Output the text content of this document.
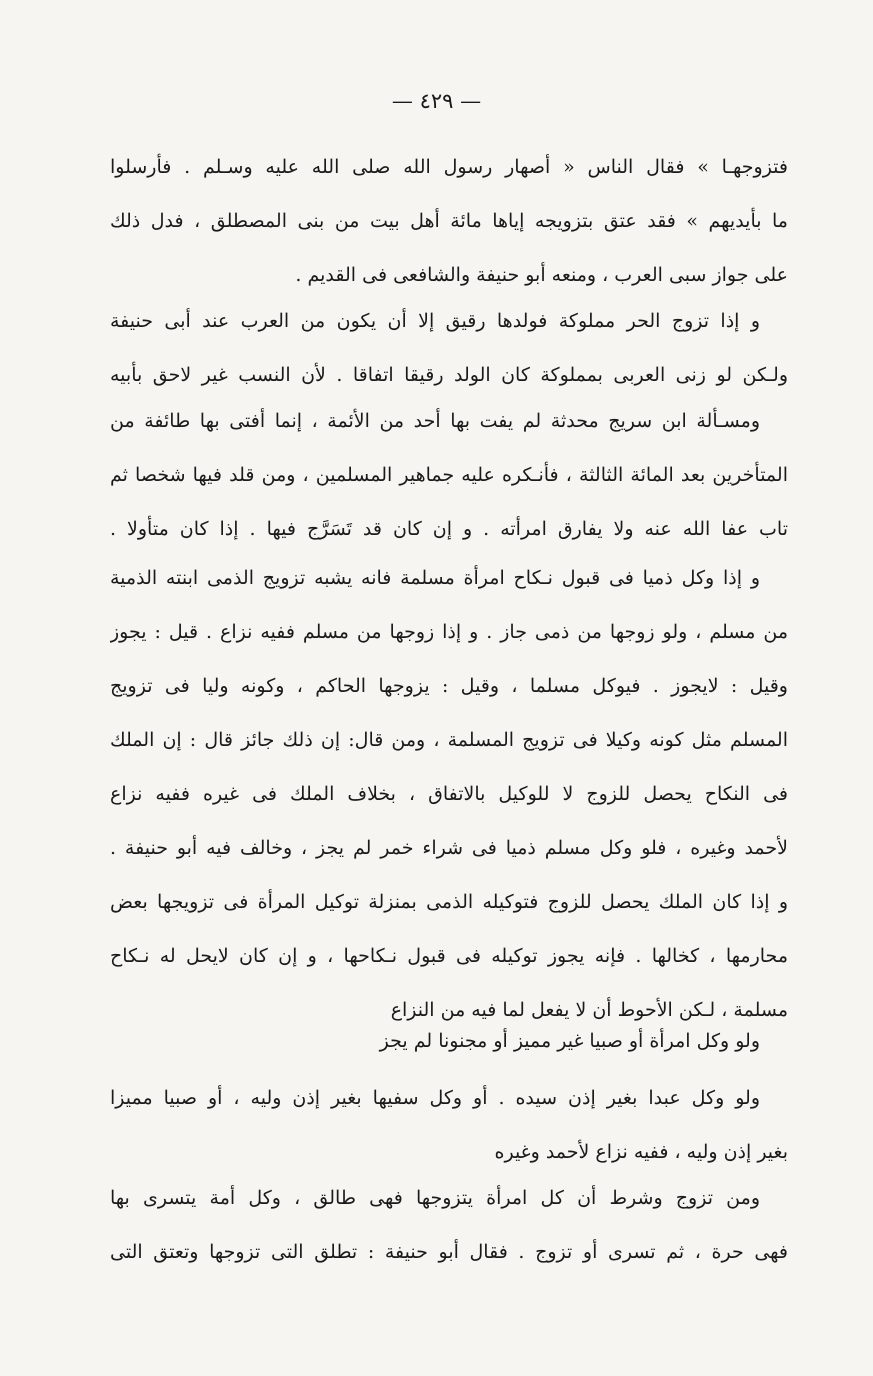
— ٤٢٩ —
فتزوجهـا » فقال الناس « أصهار رسول الله صلى الله عليه وسـلم . فأرسلوا
ما بأيديهم » فقد عتق بتزويجه إياها مائة أهل بيت من بنى المصطلق ، فدل ذلك
على جواز سبى العرب ، ومنعه أبو حنيفة والشافعى فى القديم .
و إذا تزوج الحر مملوكة فولدها رقيق إلا أن يكون من العرب عند أبى حنيفة
ولـكن لو زنى العربى بمملوكة كان الولد رقيقا اتفاقا . لأن النسب غير لاحق بأبيه
ومسـألة ابن سريج محدثة لم يفت بها أحد من الأئمة ، إنما أفتى بها طائفة من
المتأخرين بعد المائة الثالثة ، فأنـكره عليه جماهير المسلمين ، ومن قلد فيها شخصا ثم
تاب عفا الله عنه ولا يفارق امرأته . و إن كان قد تَسَرَّج فيها . إذا كان متأولا .
و إذا وكل ذميا فى قبول نـكاح امرأة مسلمة فانه يشبه تزويج الذمى ابنته الذمية
من مسلم ، ولو زوجها من ذمى جاز . و إذا زوجها من مسلم ففيه نزاع . قيل : يجوز
وقيل : لايجوز . فيوكل مسلما ، وقيل : يزوجها الحاكم ، وكونه وليا فى تزويج
المسلم مثل كونه وكيلا فى تزويج المسلمة ، ومن قال: إن ذلك جائز قال : إن الملك
فى النكاح يحصل للزوج لا للوكيل بالاتفاق ، بخلاف الملك فى غيره ففيه نزاع
لأحمد وغيره ، فلو وكل مسلم ذميا فى شراء خمر لم يجز ، وخالف فيه أبو حنيفة .
و إذا كان الملك يحصل للزوج فتوكيله الذمى بمنزلة توكيل المرأة فى تزويجها بعض
محارمها ، كخالها . فإنه يجوز توكيله فى قبول نـكاحها ، و إن كان لايحل له نـكاح
مسلمة ، لـكن الأحوط أن لا يفعل لما فيه من النزاع
ولو وكل امرأة أو صبيا غير مميز أو مجنونا لم يجز
ولو وكل عبدا بغير إذن سيده . أو وكل سفيها بغير إذن وليه ، أو صبيا مميزا
بغير إذن وليه ، ففيه نزاع لأحمد وغيره
ومن تزوج وشرط أن كل امرأة يتزوجها فهى طالق ، وكل أمة يتسرى بها
فهى حرة ، ثم تسرى أو تزوج . فقال أبو حنيفة : تطلق التى تزوجها وتعتق التى
